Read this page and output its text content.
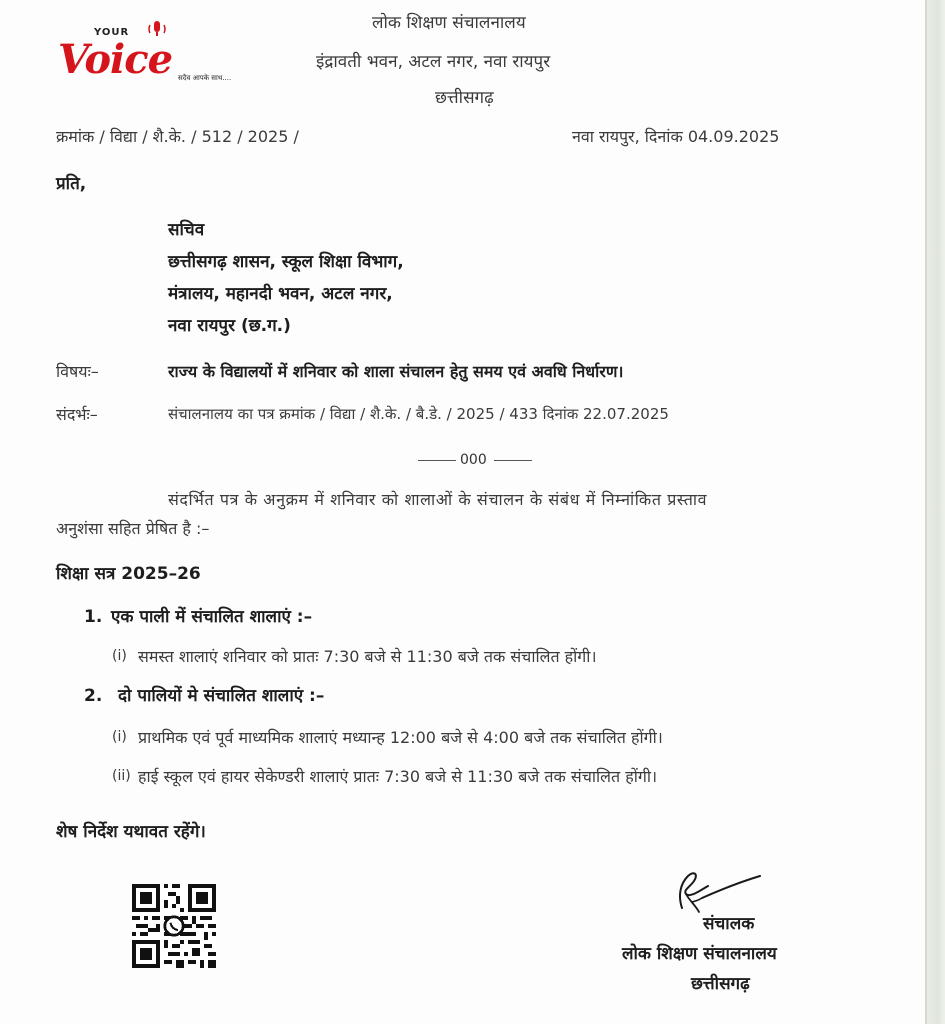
YOUR
Voice सदैव आपके साथ....
लोक शिक्षण संचालनालय
इंद्रावती भवन, अटल नगर, नवा रायपुर
छत्तीसगढ़
क्रमांक / विद्या / शै.के. / 512 / 2025 /	नवा रायपुर, दिनांक 04.09.2025
प्रति,
सचिव
छत्तीसगढ़ शासन, स्कूल शिक्षा विभाग,
मंत्रालय, महानदी भवन, अटल नगर,
नवा रायपुर (छ.ग.)
विषयः–	राज्य के विद्यालयों में शनिवार को शाला संचालन हेतु समय एवं अवधि निर्धारण।
संदर्भः–	संचालनालय का पत्र क्रमांक / विद्या / शै.के. / बै.डे. / 2025 / 433 दिनांक 22.07.2025
000
संदर्भित पत्र के अनुक्रम में शनिवार को शालाओं के संचालन के संबंध में निम्नांकित प्रस्ताव
अनुशंसा सहित प्रेषित है :–
शिक्षा सत्र 2025–26
1. एक पाली में संचालित शालाएं :–
(i) समस्त शालाएं शनिवार को प्रातः 7:30 बजे से 11:30 बजे तक संचालित होंगी।
2. दो पालियों मे संचालित शालाएं :–
(i) प्राथमिक एवं पूर्व माध्यमिक शालाएं मध्यान्ह 12:00 बजे से 4:00 बजे तक संचालित होंगी।
(ii) हाई स्कूल एवं हायर सेकेण्डरी शालाएं प्रातः 7:30 बजे से 11:30 बजे तक संचालित होंगी।
शेष निर्देश यथावत रहेंगे।
संचालक
लोक शिक्षण संचालनालय
छत्तीसगढ़
